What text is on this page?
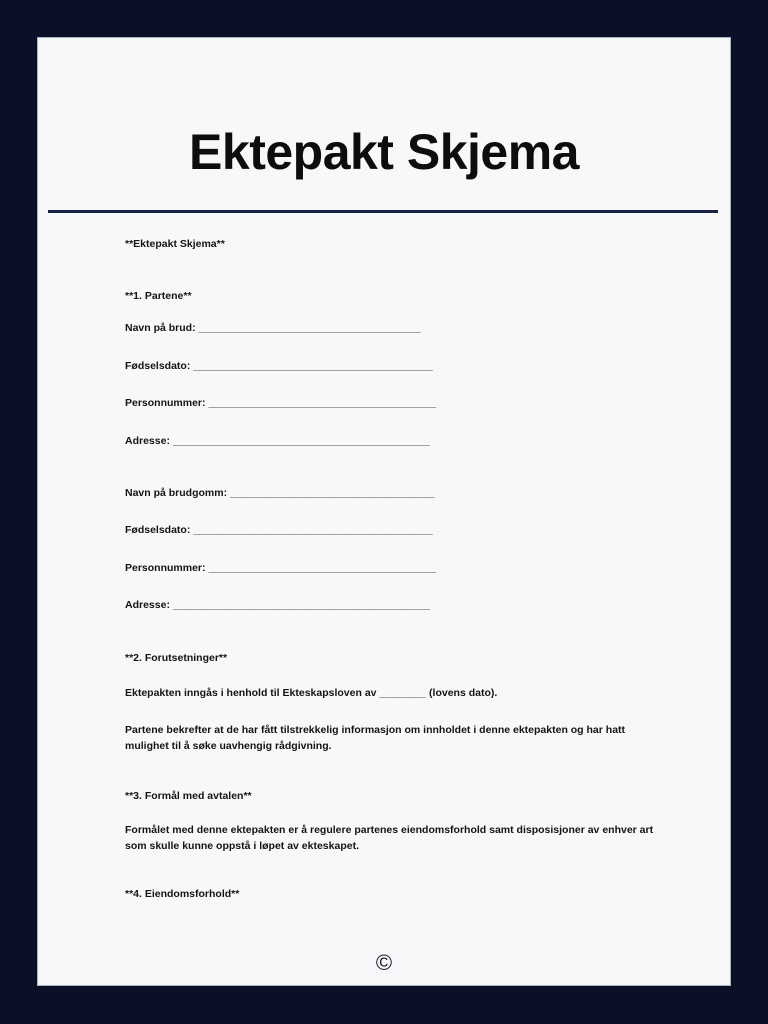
Ektepakt Skjema
**Ektepakt Skjema**
**1. Partene**
Navn på brud: ______________________________________
Fødselsdato: _________________________________________
Personnummer: _______________________________________
Adresse: ____________________________________________
Navn på brudgomm: ___________________________________
Fødselsdato: _________________________________________
Personnummer: _______________________________________
Adresse: ____________________________________________
**2. Forutsetninger**
Ektepakten inngås i henhold til Ekteskapsloven av ________ (lovens dato).
Partene bekrefter at de har fått tilstrekkelig informasjon om innholdet i denne ektepakten og har hatt mulighet til å søke uavhengig rådgivning.
**3. Formål med avtalen**
Formålet med denne ektepakten er å regulere partenes eiendomsforhold samt disposisjoner av enhver art som skulle kunne oppstå i løpet av ekteskapet.
**4. Eiendomsforhold**
©
